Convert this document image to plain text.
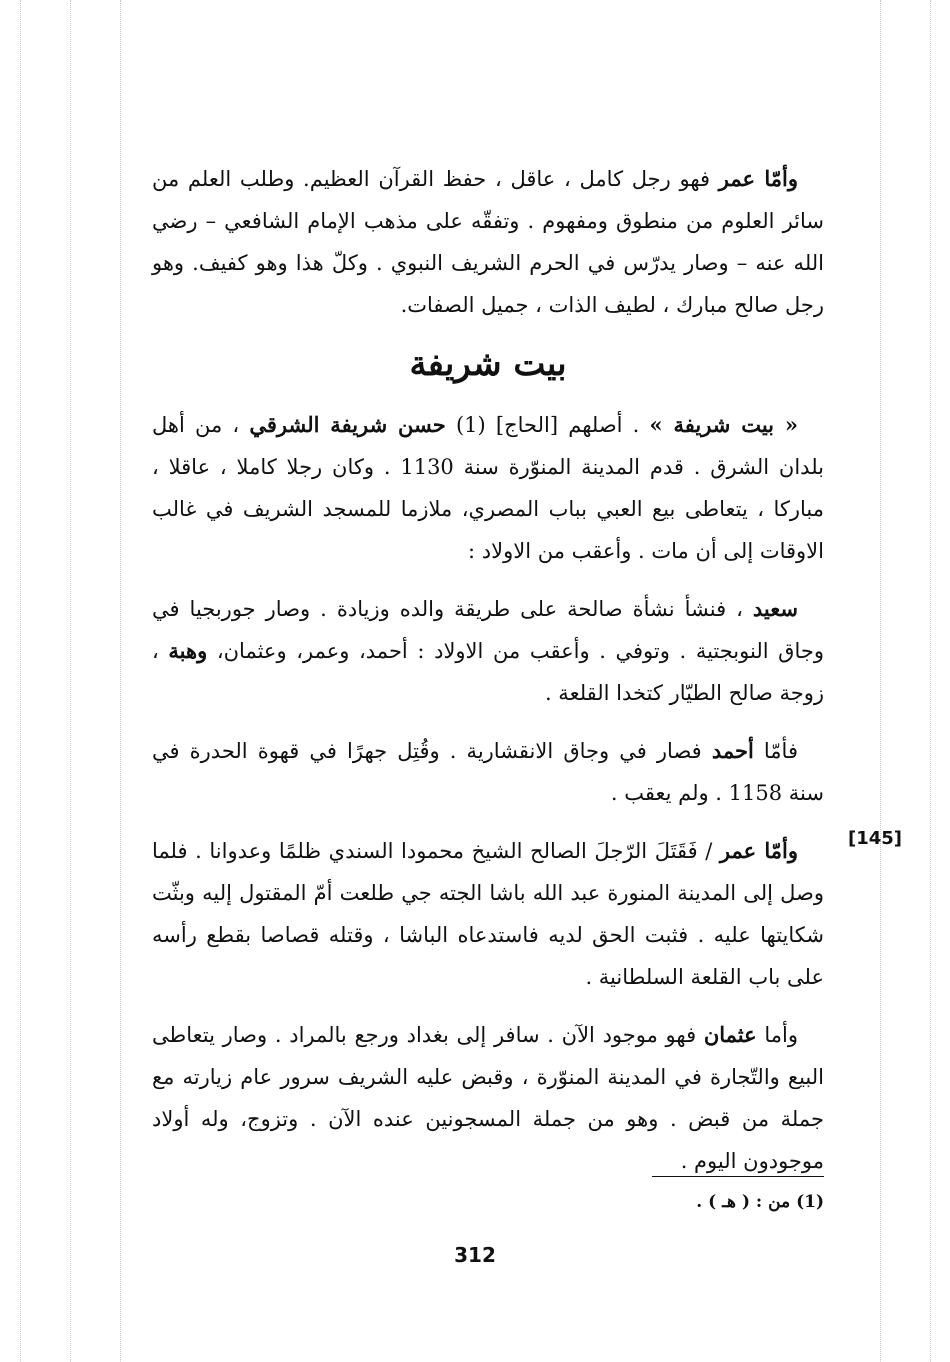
وأمّا عمر فهو رجل كامل ، عاقل ، حفظ القرآن العظيم. وطلب العلم من سائر العلوم من منطوق ومفهوم . وتفقّه على مذهب الإمام الشافعي – رضي الله عنه – وصار يدرّس في الحرم الشريف النبوي . وكلّ هذا وهو كفيف. وهو رجل صالح مبارك ، لطيف الذات ، جميل الصفات.

بيت شريفة

« بيت شريفة » . أصلهم [الحاج] (1) حسن شريفة الشرقي ، من أهل بلدان الشرق . قدم المدينة المنوّرة سنة 1130 . وكان رجلا كاملا ، عاقلا ، مباركا ، يتعاطى بيع العبي بباب المصري، ملازما للمسجد الشريف في غالب الاوقات إلى أن مات . وأعقب من الاولاد :

سعيد ، فنشأ نشأة صالحة على طريقة والده وزيادة . وصار جوربجيا في وجاق النوبجتية . وتوفي . وأعقب من الاولاد : أحمد، وعمر، وعثمان، وهبة ، زوجة صالح الطيّار كتخدا القلعة .

فأمّا أحمد فصار في وجاق الانقشارية . وقُتِل جهرًا في قهوة الحدرة في سنة 1158 . ولم يعقب .

وأمّا عمر / فَقَتَلَ الرّجلَ الصالح الشيخ محمودا السندي ظلمًا وعدوانا . فلما وصل إلى المدينة المنورة عبد الله باشا الجته جي طلعت أمّ المقتول إليه وبثّت شكايتها عليه . فثبت الحق لديه فاستدعاه الباشا ، وقتله قصاصا بقطع رأسه على باب القلعة السلطانية .

وأما عثمان فهو موجود الآن . سافر إلى بغداد ورجع بالمراد . وصار يتعاطى البيع والتّجارة في المدينة المنوّرة ، وقبض عليه الشريف سرور عام زيارته مع جملة من قبض . وهو من جملة المسجونين عنده الآن . وتزوج، وله أولاد موجودون اليوم .

[145]
(1) من : ( هـ ) .
312
